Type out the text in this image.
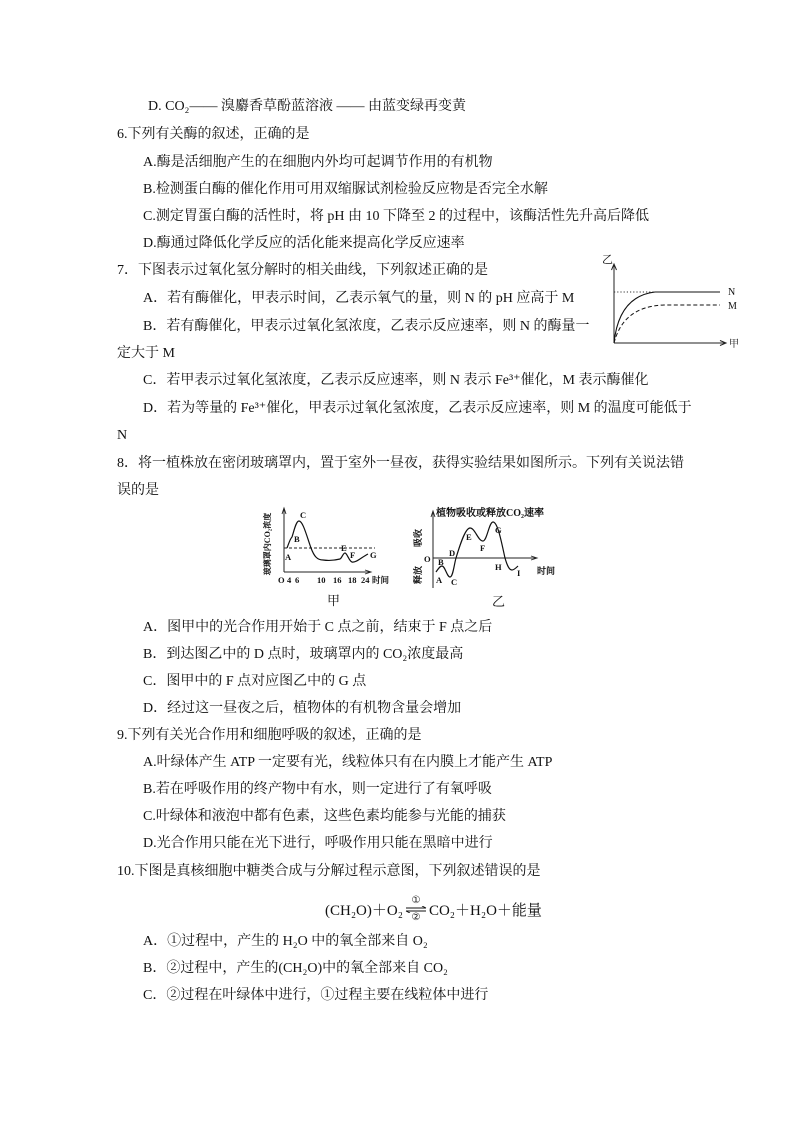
D. CO₂—— 溴麝香草酚蓝溶液 —— 由蓝变绿再变黄
6.下列有关酶的叙述，正确的是
A.酶是活细胞产生的在细胞内外均可起调节作用的有机物
B.检测蛋白酶的催化作用可用双缩脲试剂检验反应物是否完全水解
C.测定胃蛋白酶的活性时，将 pH 由 10 下降至 2 的过程中，该酶活性先升高后降低
D.酶通过降低化学反应的活化能来提高化学反应速率
7．下图表示过氧化氢分解时的相关曲线，下列叙述正确的是
A．若有酶催化，甲表示时间，乙表示氧气的量，则 N 的 pH 应高于 M
B．若有酶催化，甲表示过氧化氢浓度，乙表示反应速率，则 N 的酶量一
定大于 M
C．若甲表示过氧化氢浓度，乙表示反应速率，则 N 表示 Fe³⁺催化，M 表示酶催化
D．若为等量的 Fe³⁺催化，甲表示过氧化氢浓度，乙表示反应速率，则 M 的温度可能低于
N
乙
甲
N
M
8．将一植株放在密闭玻璃罩内，置于室外一昼夜，获得实验结果如图所示。下列有关说法错
误的是
玻璃罩内CO₂浓度 A
B
C
E
F G
O 4 6 10 16 18 24 时间
甲
植物吸收或释放CO₂速率
吸收
释放
O
时间
A
B
C
D
E
F
G
H
I
乙
A．图甲中的光合作用开始于 C 点之前，结束于 F 点之后
B．到达图乙中的 D 点时，玻璃罩内的 CO₂浓度最高
C．图甲中的 F 点对应图乙中的 G 点
D．经过这一昼夜之后，植物体的有机物含量会增加
9.下列有关光合作用和细胞呼吸的叙述，正确的是
A.叶绿体产生 ATP 一定要有光，线粒体只有在内膜上才能产生 ATP
B.若在呼吸作用的终产物中有水，则一定进行了有氧呼吸
C.叶绿体和液泡中都有色素，这些色素均能参与光能的捕获
D.光合作用只能在光下进行，呼吸作用只能在黑暗中进行
10.下图是真核细胞中糖类合成与分解过程示意图，下列叙述错误的是
(CH₂O)＋O₂
①
② CO₂＋H₂O＋能量
A．①过程中，产生的 H₂O 中的氧全部来自 O₂
B．②过程中，产生的(CH₂O)中的氧全部来自 CO₂
C．②过程在叶绿体中进行，①过程主要在线粒体中进行
